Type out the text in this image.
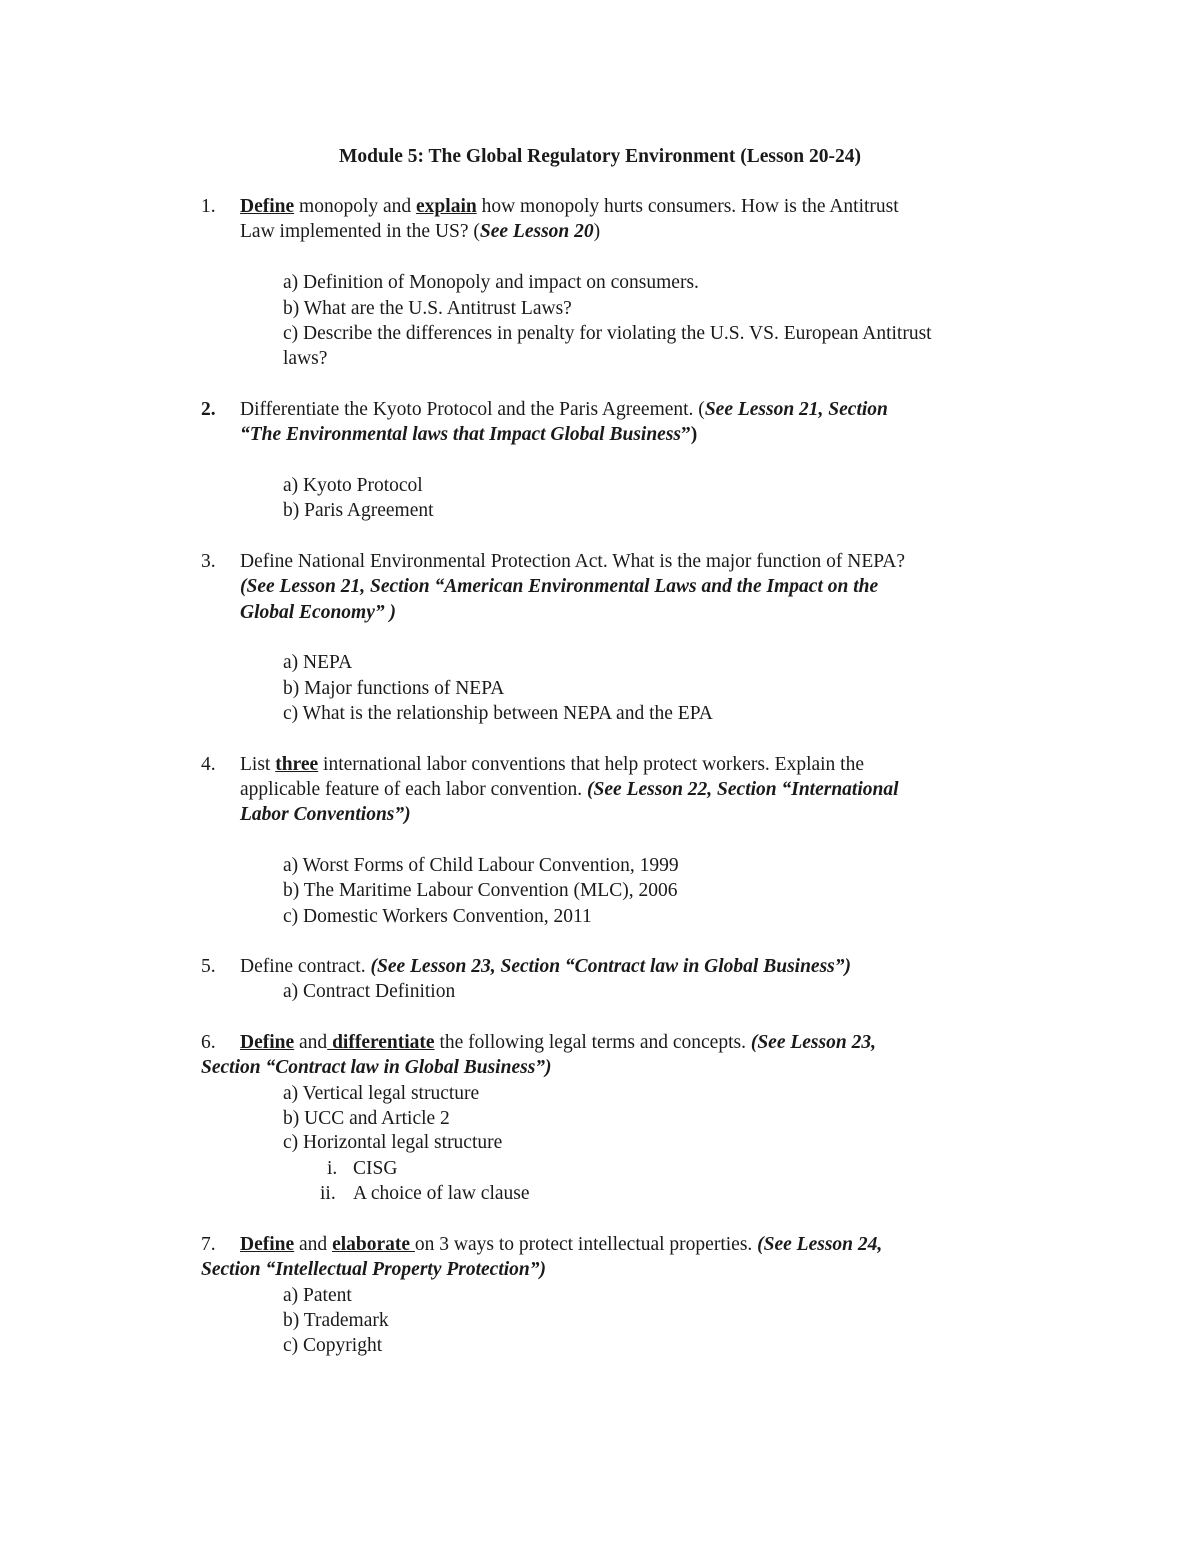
Module 5: The Global Regulatory Environment (Lesson 20-24)
1. Define monopoly and explain how monopoly hurts consumers. How is the Antitrust
Law implemented in the US? (See Lesson 20)
a) Definition of Monopoly and impact on consumers.
b) What are the U.S. Antitrust Laws?
c) Describe the differences in penalty for violating the U.S. VS. European Antitrust
laws?
2. Differentiate the Kyoto Protocol and the Paris Agreement. (See Lesson 21, Section
“The Environmental laws that Impact Global Business”)
a) Kyoto Protocol
b) Paris Agreement
3. Define National Environmental Protection Act. What is the major function of NEPA?
(See Lesson 21, Section “American Environmental Laws and the Impact on the
Global Economy” )
a) NEPA
b) Major functions of NEPA
c) What is the relationship between NEPA and the EPA
4. List three international labor conventions that help protect workers. Explain the
applicable feature of each labor convention. (See Lesson 22, Section “International
Labor Conventions”)
a) Worst Forms of Child Labour Convention, 1999
b) The Maritime Labour Convention (MLC), 2006
c) Domestic Workers Convention, 2011
5. Define contract. (See Lesson 23, Section “Contract law in Global Business”)
a) Contract Definition
6. Define and differentiate the following legal terms and concepts. (See Lesson 23,
Section “Contract law in Global Business”)
a) Vertical legal structure
b) UCC and Article 2
c) Horizontal legal structure
i. CISG
ii. A choice of law clause
7. Define and elaborate on 3 ways to protect intellectual properties. (See Lesson 24,
Section “Intellectual Property Protection”)
a) Patent
b) Trademark
c) Copyright
